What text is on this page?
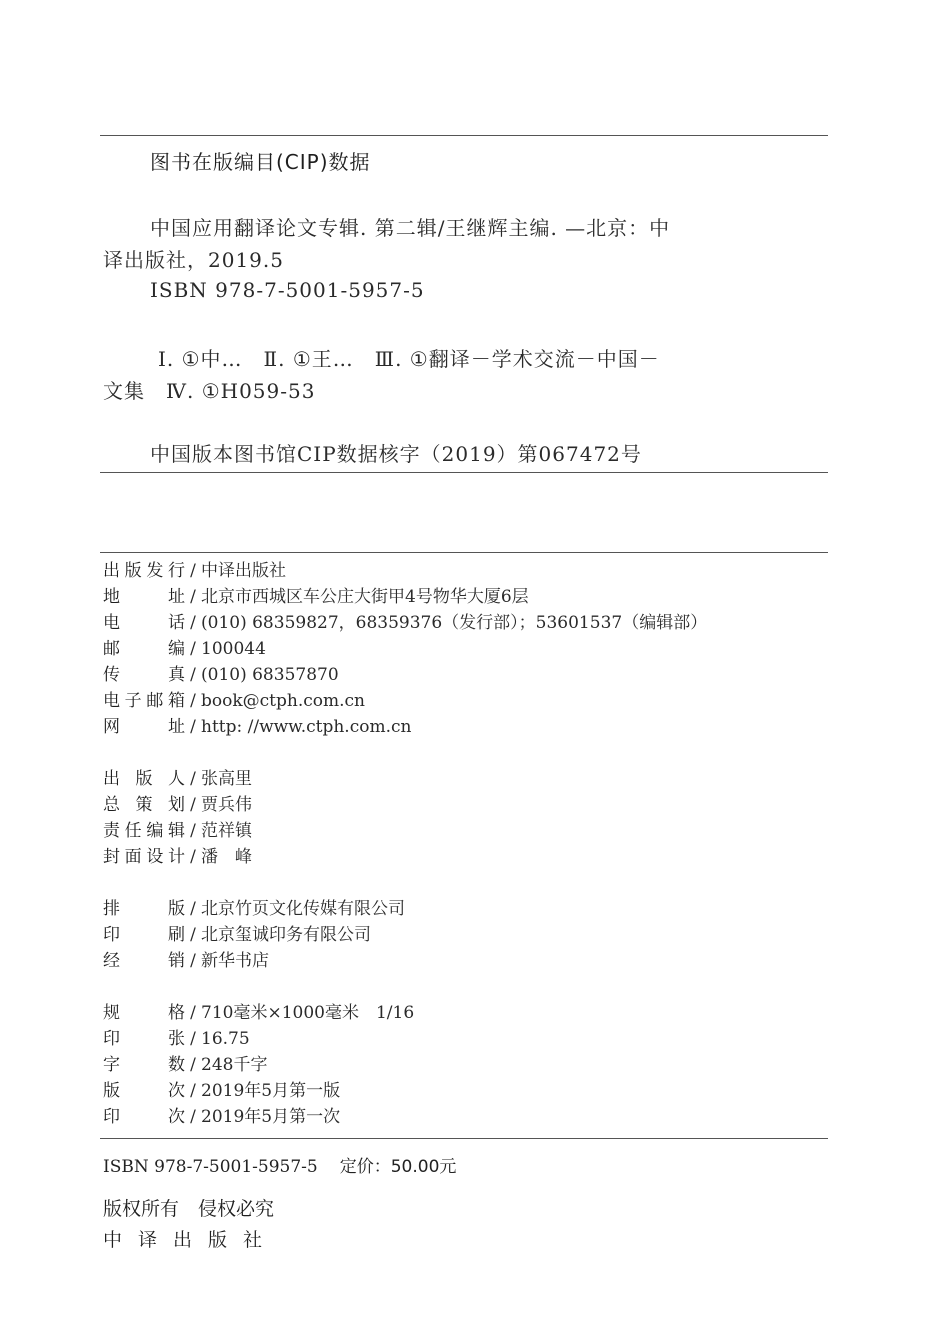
图书在版编目(CIP)数据
中国应用翻译论文专辑. 第二辑/王继辉主编. —北京：中
译出版社，2019.5
ISBN 978-7-5001-5957-5
Ⅰ. ①中…　Ⅱ. ①王…　Ⅲ. ①翻译－学术交流－中国－
文集　Ⅳ. ①H059-53
中国版本图书馆CIP数据核字（2019）第067472号
出版发行 / 中译出版社
地址 / 北京市西城区车公庄大街甲4号物华大厦6层
电话 / (010) 68359827，68359376（发行部）；53601537（编辑部）
邮编 / 100044
传真 / (010) 68357870
电子邮箱 / book@ctph.com.cn
网址 / http: //www.ctph.com.cn
出版人 / 张高里
总策划 / 贾兵伟
责任编辑 / 范祥镇
封面设计 / 潘　峰
排版 / 北京竹页文化传媒有限公司
印刷 / 北京玺诚印务有限公司
经销 / 新华书店
规格 / 710毫米×1000毫米　1/16
印张 / 16.75
字数 / 248千字
版次 / 2019年5月第一版
印次 / 2019年5月第一次
ISBN 978-7-5001-5957-5 定价：50.00元
版权所有　侵权必究
中译出版社
